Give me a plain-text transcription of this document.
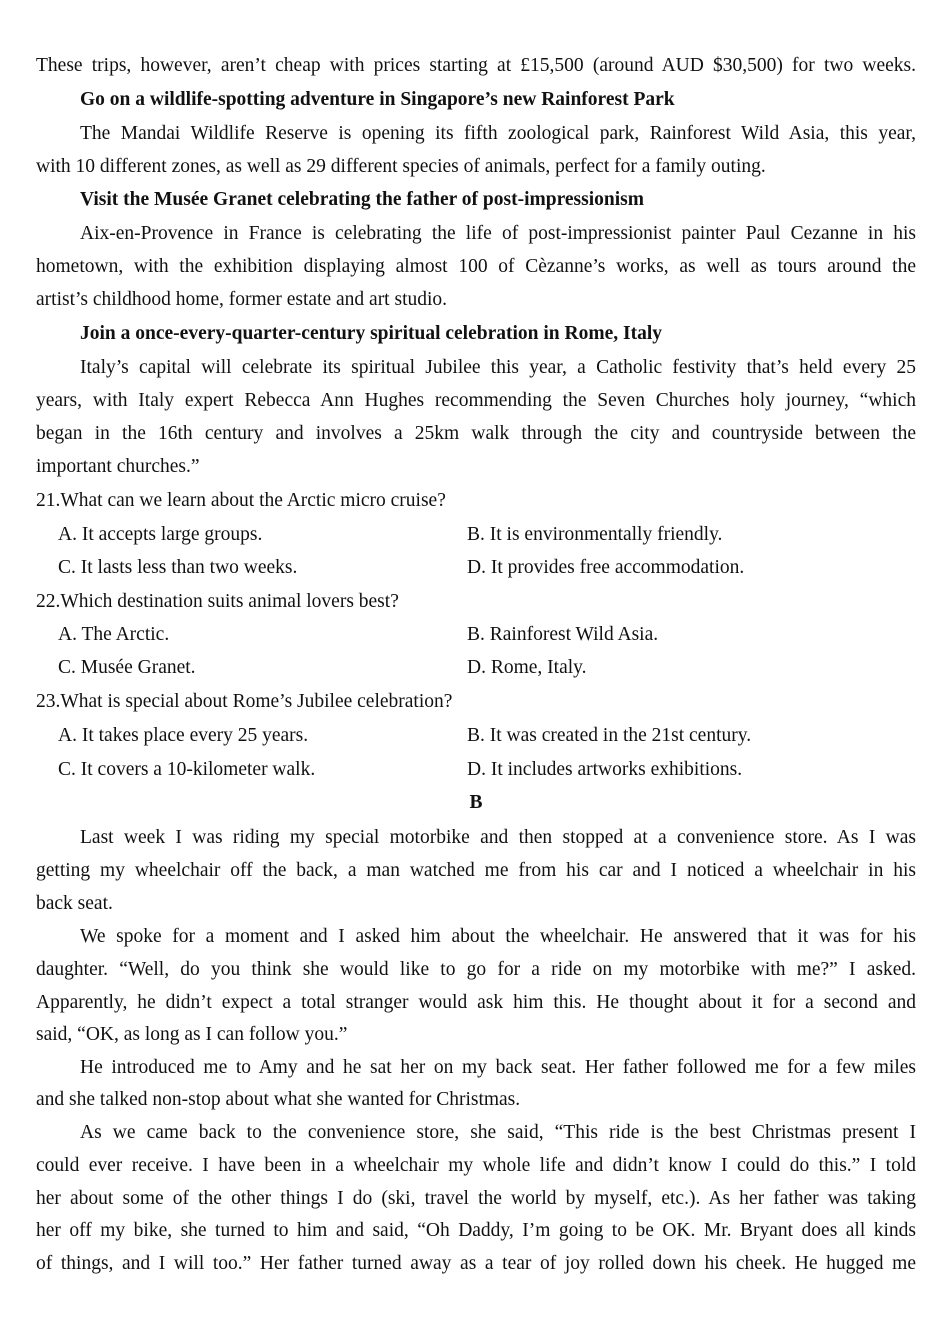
These trips, however, aren’t cheap with prices starting at £15,500 (around AUD $30,500) for two weeks.
Go on a wildlife-spotting adventure in Singapore’s new Rainforest Park
The Mandai Wildlife Reserve is opening its fifth zoological park, Rainforest Wild Asia, this year,
with 10 different zones, as well as 29 different species of animals, perfect for a family outing.
Visit the Musée Granet celebrating the father of post-impressionism
Aix-en-Provence in France is celebrating the life of post-impressionist painter Paul Cezanne in his
hometown, with the exhibition displaying almost 100 of Cèzanne’s works, as well as tours around the
artist’s childhood home, former estate and art studio.
Join a once-every-quarter-century spiritual celebration in Rome, Italy
Italy’s capital will celebrate its spiritual Jubilee this year, a Catholic festivity that’s held every 25
years, with Italy expert Rebecca Ann Hughes recommending the Seven Churches holy journey, “which
began in the 16th century and involves a 25km walk through the city and countryside between the
important churches.”
21.What can we learn about the Arctic micro cruise?
A. It accepts large groups.	B. It is environmentally friendly.
C. It lasts less than two weeks.	D. It provides free accommodation.
22.Which destination suits animal lovers best?
A. The Arctic.	B. Rainforest Wild Asia.
C. Musée Granet.	D. Rome, Italy.
23.What is special about Rome’s Jubilee celebration?
A. It takes place every 25 years.	B. It was created in the 21st century.
C. It covers a 10-kilometer walk.	D. It includes artworks exhibitions.
B
Last week I was riding my special motorbike and then stopped at a convenience store. As I was
getting my wheelchair off the back, a man watched me from his car and I noticed a wheelchair in his
back seat.
We spoke for a moment and I asked him about the wheelchair. He answered that it was for his
daughter. “Well, do you think she would like to go for a ride on my motorbike with me?” I asked.
Apparently, he didn’t expect a total stranger would ask him this. He thought about it for a second and
said, “OK, as long as I can follow you.”
He introduced me to Amy and he sat her on my back seat. Her father followed me for a few miles
and she talked non-stop about what she wanted for Christmas.
As we came back to the convenience store, she said, “This ride is the best Christmas present I
could ever receive. I have been in a wheelchair my whole life and didn’t know I could do this.” I told
her about some of the other things I do (ski, travel the world by myself, etc.). As her father was taking
her off my bike, she turned to him and said, “Oh Daddy, I’m going to be OK. Mr. Bryant does all kinds
of things, and I will too.” Her father turned away as a tear of joy rolled down his cheek. He hugged me
